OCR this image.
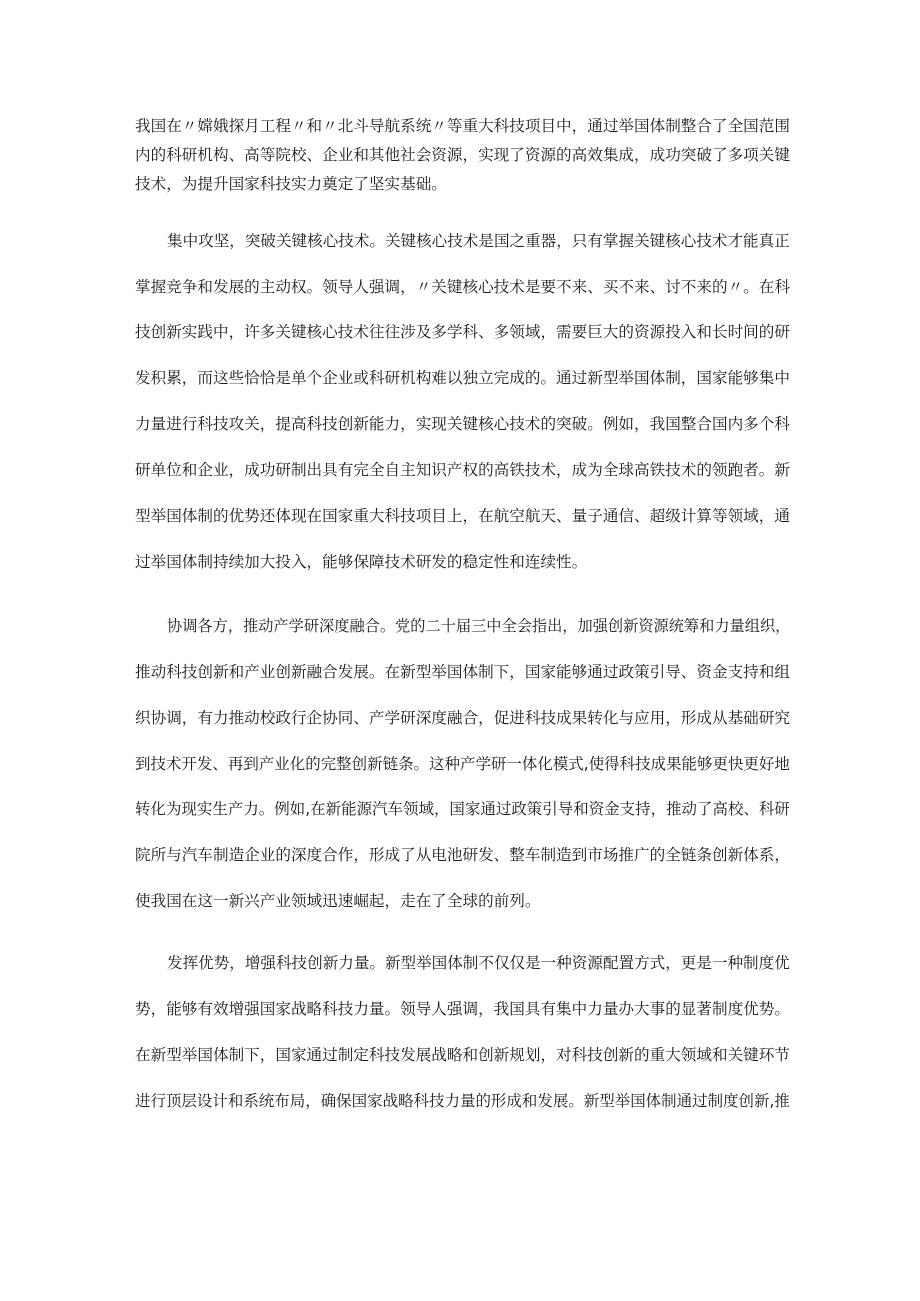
我国在〃嫦娥探月工程〃和〃北斗导航系统〃等重大科技项目中，通过举国体制整合了全国范围
内的科研机构、高等院校、企业和其他社会资源，实现了资源的高效集成，成功突破了多项关键
技术，为提升国家科技实力奠定了坚实基础。
集中攻坚，突破关键核心技术。关键核心技术是国之重器，只有掌握关键核心技术才能真正
掌握竞争和发展的主动权。领导人强调，〃关键核心技术是要不来、买不来、讨不来的〃。在科
技创新实践中，许多关键核心技术往往涉及多学科、多领域，需要巨大的资源投入和长时间的研
发积累，而这些恰恰是单个企业或科研机构难以独立完成的。通过新型举国体制，国家能够集中
力量进行科技攻关，提高科技创新能力，实现关键核心技术的突破。例如，我国整合国内多个科
研单位和企业，成功研制出具有完全自主知识产权的高铁技术，成为全球高铁技术的领跑者。新
型举国体制的优势还体现在国家重大科技项目上，在航空航天、量子通信、超级计算等领域，通
过举国体制持续加大投入，能够保障技术研发的稳定性和连续性。
协调各方，推动产学研深度融合。党的二十届三中全会指出，加强创新资源统筹和力量组织，
推动科技创新和产业创新融合发展。在新型举国体制下，国家能够通过政策引导、资金支持和组
织协调，有力推动校政行企协同、产学研深度融合，促进科技成果转化与应用，形成从基础研究
到技术开发、再到产业化的完整创新链条。这种产学研一体化模式,使得科技成果能够更快更好地
转化为现实生产力。例如,在新能源汽车领域，国家通过政策引导和资金支持，推动了高校、科研
院所与汽车制造企业的深度合作，形成了从电池研发、整车制造到市场推广的全链条创新体系，
使我国在这一新兴产业领域迅速崛起，走在了全球的前列。
发挥优势，增强科技创新力量。新型举国体制不仅仅是一种资源配置方式，更是一种制度优
势，能够有效增强国家战略科技力量。领导人强调，我国具有集中力量办大事的显著制度优势。
在新型举国体制下，国家通过制定科技发展战略和创新规划，对科技创新的重大领域和关键环节
进行顶层设计和系统布局，确保国家战略科技力量的形成和发展。新型举国体制通过制度创新,推
